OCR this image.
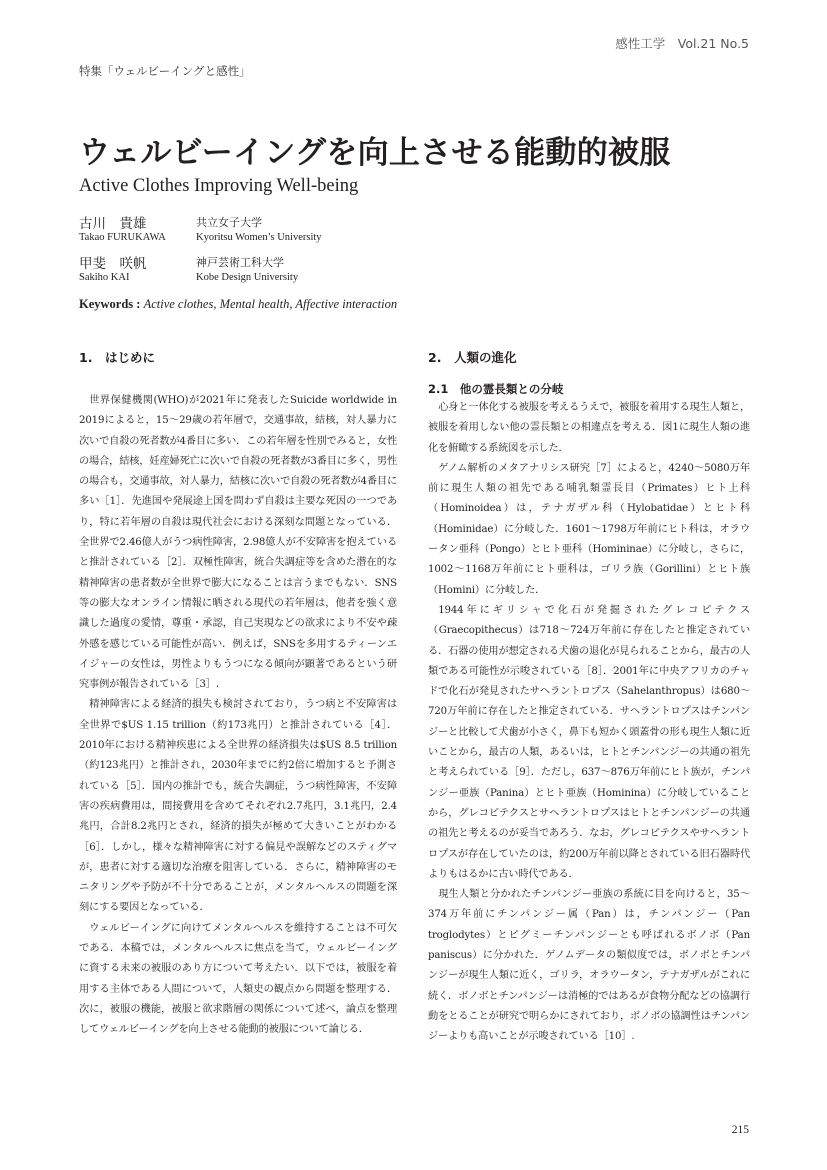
感性工学　Vol.21 No.5
特集「ウェルビーイングと感性」
ウェルビーイングを向上させる能動的被服
Active Clothes Improving Well-being
古川　貴雄
Takao FURUKAWA
共立女子大学
Kyoritsu Women’s University
甲斐　咲帆
Sakiho KAI
神戸芸術工科大学
Kobe Design University
Keywords : Active clothes, Mental health, Affective interaction
1.　はじめに

世界保健機関(WHO)が2021年に発表したSuicide worldwide in 2019によると，15～29歳の若年層で，交通事故，結核，対人暴力に次いで自殺の死者数が4番目に多い．この若年層を性別でみると，女性の場合，結核，妊産婦死亡に次いで自殺の死者数が3番目に多く，男性の場合も，交通事故，対人暴力，結核に次いで自殺の死者数が4番目に多い［1］．先進国や発展途上国を問わず自殺は主要な死因の一つであり，特に若年層の自殺は現代社会における深刻な問題となっている．全世界で2.46億人がうつ病性障害，2.98億人が不安障害を抱えていると推計されている［2］．双極性障害，統合失調症等を含めた潜在的な精神障害の患者数が全世界で膨大になることは言うまでもない．SNS等の膨大なオンライン情報に晒される現代の若年層は，他者を強く意識した過度の愛情，尊重・承認，自己実現などの欲求により不安や疎外感を感じている可能性が高い．例えば，SNSを多用するティーンエイジャーの女性は，男性よりもうつになる傾向が顕著であるという研究事例が報告されている［3］.

精神障害による経済的損失も検討されており，うつ病と不安障害は全世界で$US 1.15 trillion（約173兆円）と推計されている［4］．2010年における精神疾患による全世界の経済損失は$US 8.5 trillion（約123兆円）と推計され，2030年までに約2倍に増加すると予測されている［5］．国内の推計でも，統合失調症，うつ病性障害，不安障害の疾病費用は，間接費用を含めてそれぞれ2.7兆円，3.1兆円，2.4兆円，合計8.2兆円とされ，経済的損失が極めて大きいことがわかる［6］．しかし，様々な精神障害に対する偏見や誤解などのスティグマが，患者に対する適切な治療を阻害している．さらに，精神障害のモニタリングや予防が不十分であることが，メンタルヘルスの問題を深刻にする要因となっている．

ウェルビーイングに向けてメンタルヘルスを維持することは不可欠である．本稿では，メンタルヘルスに焦点を当て，ウェルビーイングに資する未来の被服のあり方について考えたい．以下では，被服を着用する主体である人間について，人類史の観点から問題を整理する．次に，被服の機能，被服と欲求階層の関係について述べ，論点を整理してウェルビーイングを向上させる能動的被服について論じる．

2.　人類の進化
2.1　他の霊長類との分岐

心身と一体化する被服を考えるうえで，被服を着用する現生人類と，被服を着用しない他の霊長類との相違点を考える．図1に現生人類の進化を俯瞰する系統図を示した．

ゲノム解析のメタアナリシス研究［7］によると，4240～5080万年前に現生人類の祖先である哺乳類霊長目（Primates）ヒト上科（Hominoidea）は，テナガザル科（Hylobatidae）とヒト科（Hominidae）に分岐した．1601～1798万年前にヒト科は，オラウータン亜科（Pongo）とヒト亜科（Homininae）に分岐し，さらに，1002～1168万年前にヒト亜科は，ゴリラ族（Gorillini）とヒト族（Homini）に分岐した．

1944年にギリシャで化石が発掘されたグレコピテクス（Graecopithecus）は718～724万年前に存在したと推定されている．石器の使用が想定される犬歯の退化が見られることから，最古の人類である可能性が示唆されている［8］．2001年に中央アフリカのチャドで化石が発見されたサヘラントロプス（Sahelanthropus）は680～720万年前に存在したと推定されている．サヘラントロプスはチンパンジーと比較して犬歯が小さく，鼻下も短かく頭蓋骨の形も現生人類に近いことから，最古の人類，あるいは，ヒトとチンパンジーの共通の祖先と考えられている［9］．ただし，637～876万年前にヒト族が，チンパンジー亜族（Panina）とヒト亜族（Hominina）に分岐していることから，グレコピテクスとサヘラントロプスはヒトとチンパンジーの共通の祖先と考えるのが妥当であろう．なお，グレコピテクスやサヘラントロプスが存在していたのは，約200万年前以降とされている旧石器時代よりもはるかに古い時代である．

現生人類と分かれたチンパンジー亜族の系統に目を向けると，35～374万年前にチンパンジー属（Pan）は，チンパンジー（Pan troglodytes）とピグミーチンパンジーとも呼ばれるボノボ（Pan paniscus）に分かれた．ゲノムデータの類似度では，ボノボとチンパンジーが現生人類に近く，ゴリラ，オラウータン，テナガザルがこれに続く．ボノボとチンパンジーは消極的ではあるが食物分配などの協調行動をとることが研究で明らかにされており，ボノボの協調性はチンパンジーよりも高いことが示唆されている［10］.

215
